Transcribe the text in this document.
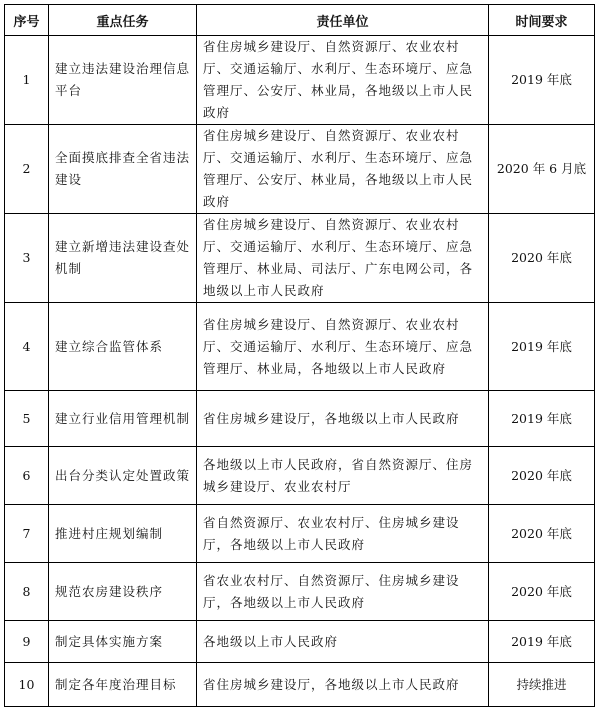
序号	重点任务	责任单位	时间要求
1	建立违法建设治理信息平台	省住房城乡建设厅、自然资源厅、农业农村厅、交通运输厅、水利厅、生态环境厅、应急管理厅、公安厅、林业局，各地级以上市人民政府	2019 年底
2	全面摸底排查全省违法建设	省住房城乡建设厅、自然资源厅、农业农村厅、交通运输厅、水利厅、生态环境厅、应急管理厅、公安厅、林业局，各地级以上市人民政府	2020 年 6 月底
3	建立新增违法建设查处机制	省住房城乡建设厅、自然资源厅、农业农村厅、交通运输厅、水利厅、生态环境厅、应急管理厅、林业局、司法厅、广东电网公司，各地级以上市人民政府	2020 年底
4	建立综合监管体系	省住房城乡建设厅、自然资源厅、农业农村厅、交通运输厅、水利厅、生态环境厅、应急管理厅、林业局，各地级以上市人民政府	2019 年底
5	建立行业信用管理机制	省住房城乡建设厅，各地级以上市人民政府	2019 年底
6	出台分类认定处置政策	各地级以上市人民政府，省自然资源厅、住房城乡建设厅、农业农村厅	2020 年底
7	推进村庄规划编制	省自然资源厅、农业农村厅、住房城乡建设厅，各地级以上市人民政府	2020 年底
8	规范农房建设秩序	省农业农村厅、自然资源厅、住房城乡建设厅，各地级以上市人民政府	2020 年底
9	制定具体实施方案	各地级以上市人民政府	2019 年底
10	制定各年度治理目标	省住房城乡建设厅，各地级以上市人民政府	持续推进
